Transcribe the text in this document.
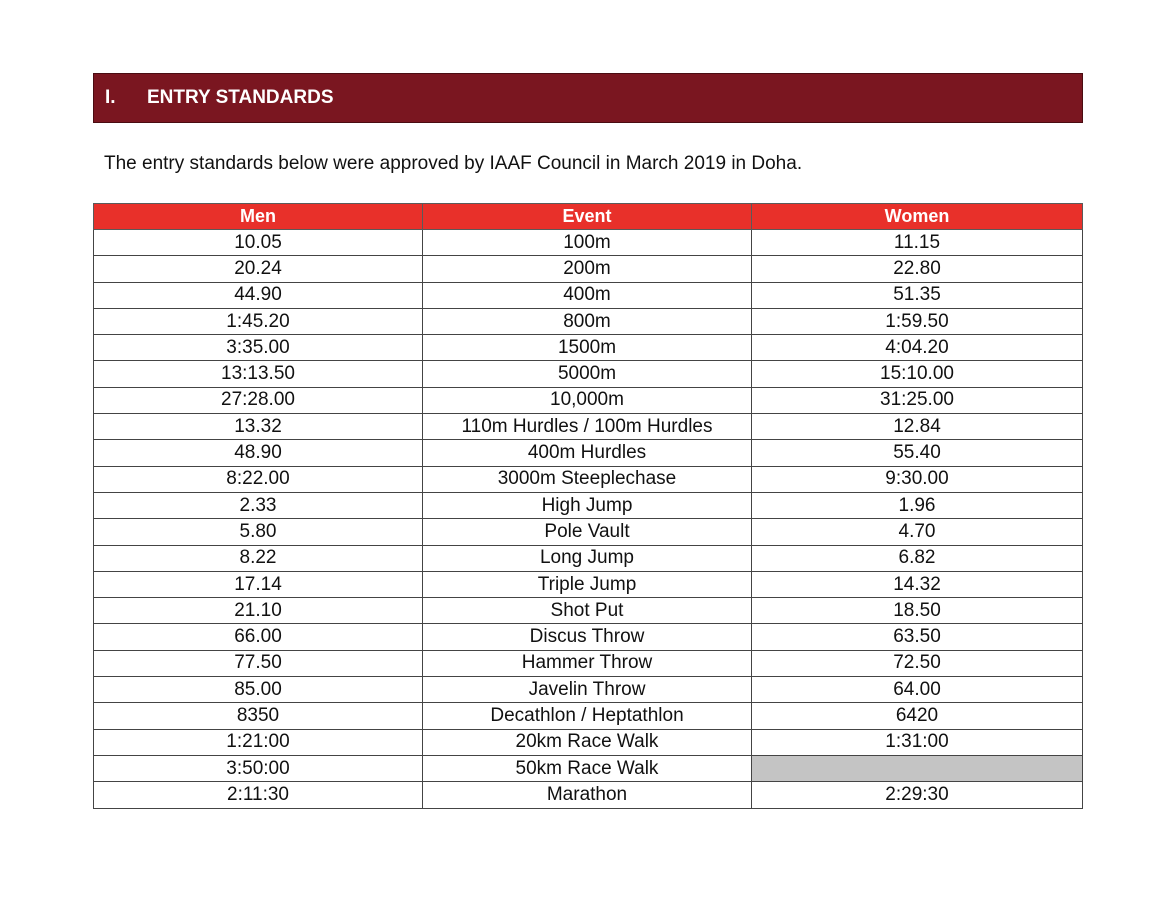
I.	ENTRY STANDARDS
The entry standards below were approved by IAAF Council in March 2019 in Doha.
Men	Event	Women
10.05	100m	11.15
20.24	200m	22.80
44.90	400m	51.35
1:45.20	800m	1:59.50
3:35.00	1500m	4:04.20
13:13.50	5000m	15:10.00
27:28.00	10,000m	31:25.00
13.32	110m Hurdles / 100m Hurdles	12.84
48.90	400m Hurdles	55.40
8:22.00	3000m Steeplechase	9:30.00
2.33	High Jump	1.96
5.80	Pole Vault	4.70
8.22	Long Jump	6.82
17.14	Triple Jump	14.32
21.10	Shot Put	18.50
66.00	Discus Throw	63.50
77.50	Hammer Throw	72.50
85.00	Javelin Throw	64.00
8350	Decathlon / Heptathlon	6420
1:21:00	20km Race Walk	1:31:00
3:50:00	50km Race Walk	
2:11:30	Marathon	2:29:30
